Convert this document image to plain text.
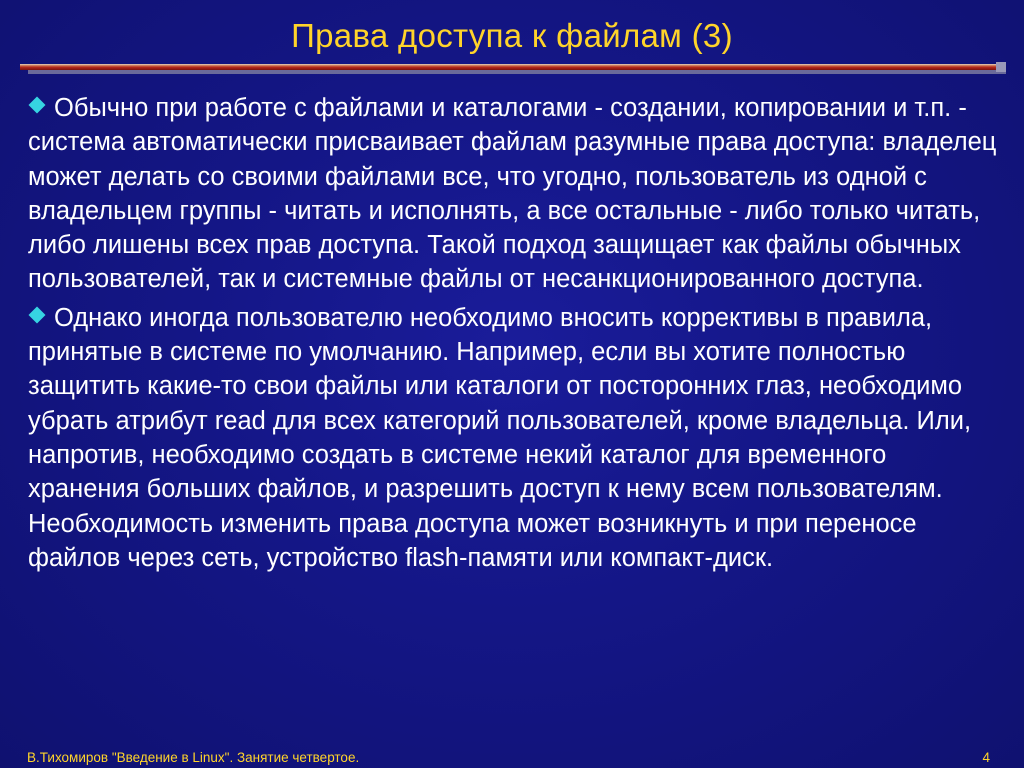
Права доступа к файлам (3)

Обычно при работе с файлами и каталогами - создании, копировании и т.п. - система автоматически присваивает файлам разумные права доступа: владелец может делать со своими файлами все, что угодно, пользователь из одной с владельцем группы - читать и исполнять, а все остальные - либо только читать, либо лишены всех прав доступа. Такой подход защищает как файлы обычных пользователей, так и системные файлы от несанкционированного доступа.

Однако иногда пользователю необходимо вносить коррективы в правила, принятые в системе по умолчанию. Например, если вы хотите полностью защитить какие-то свои файлы или каталоги от посторонних глаз, необходимо убрать атрибут read для всех категорий пользователей, кроме владельца. Или, напротив, необходимо создать в системе некий каталог для временного хранения больших файлов, и разрешить доступ к нему всем пользователям. Необходимость изменить права доступа может возникнуть и при переносе файлов через сеть, устройство flash-памяти или компакт-диск.

В.Тихомиров "Введение в Linux". Занятие четвертое.	4
